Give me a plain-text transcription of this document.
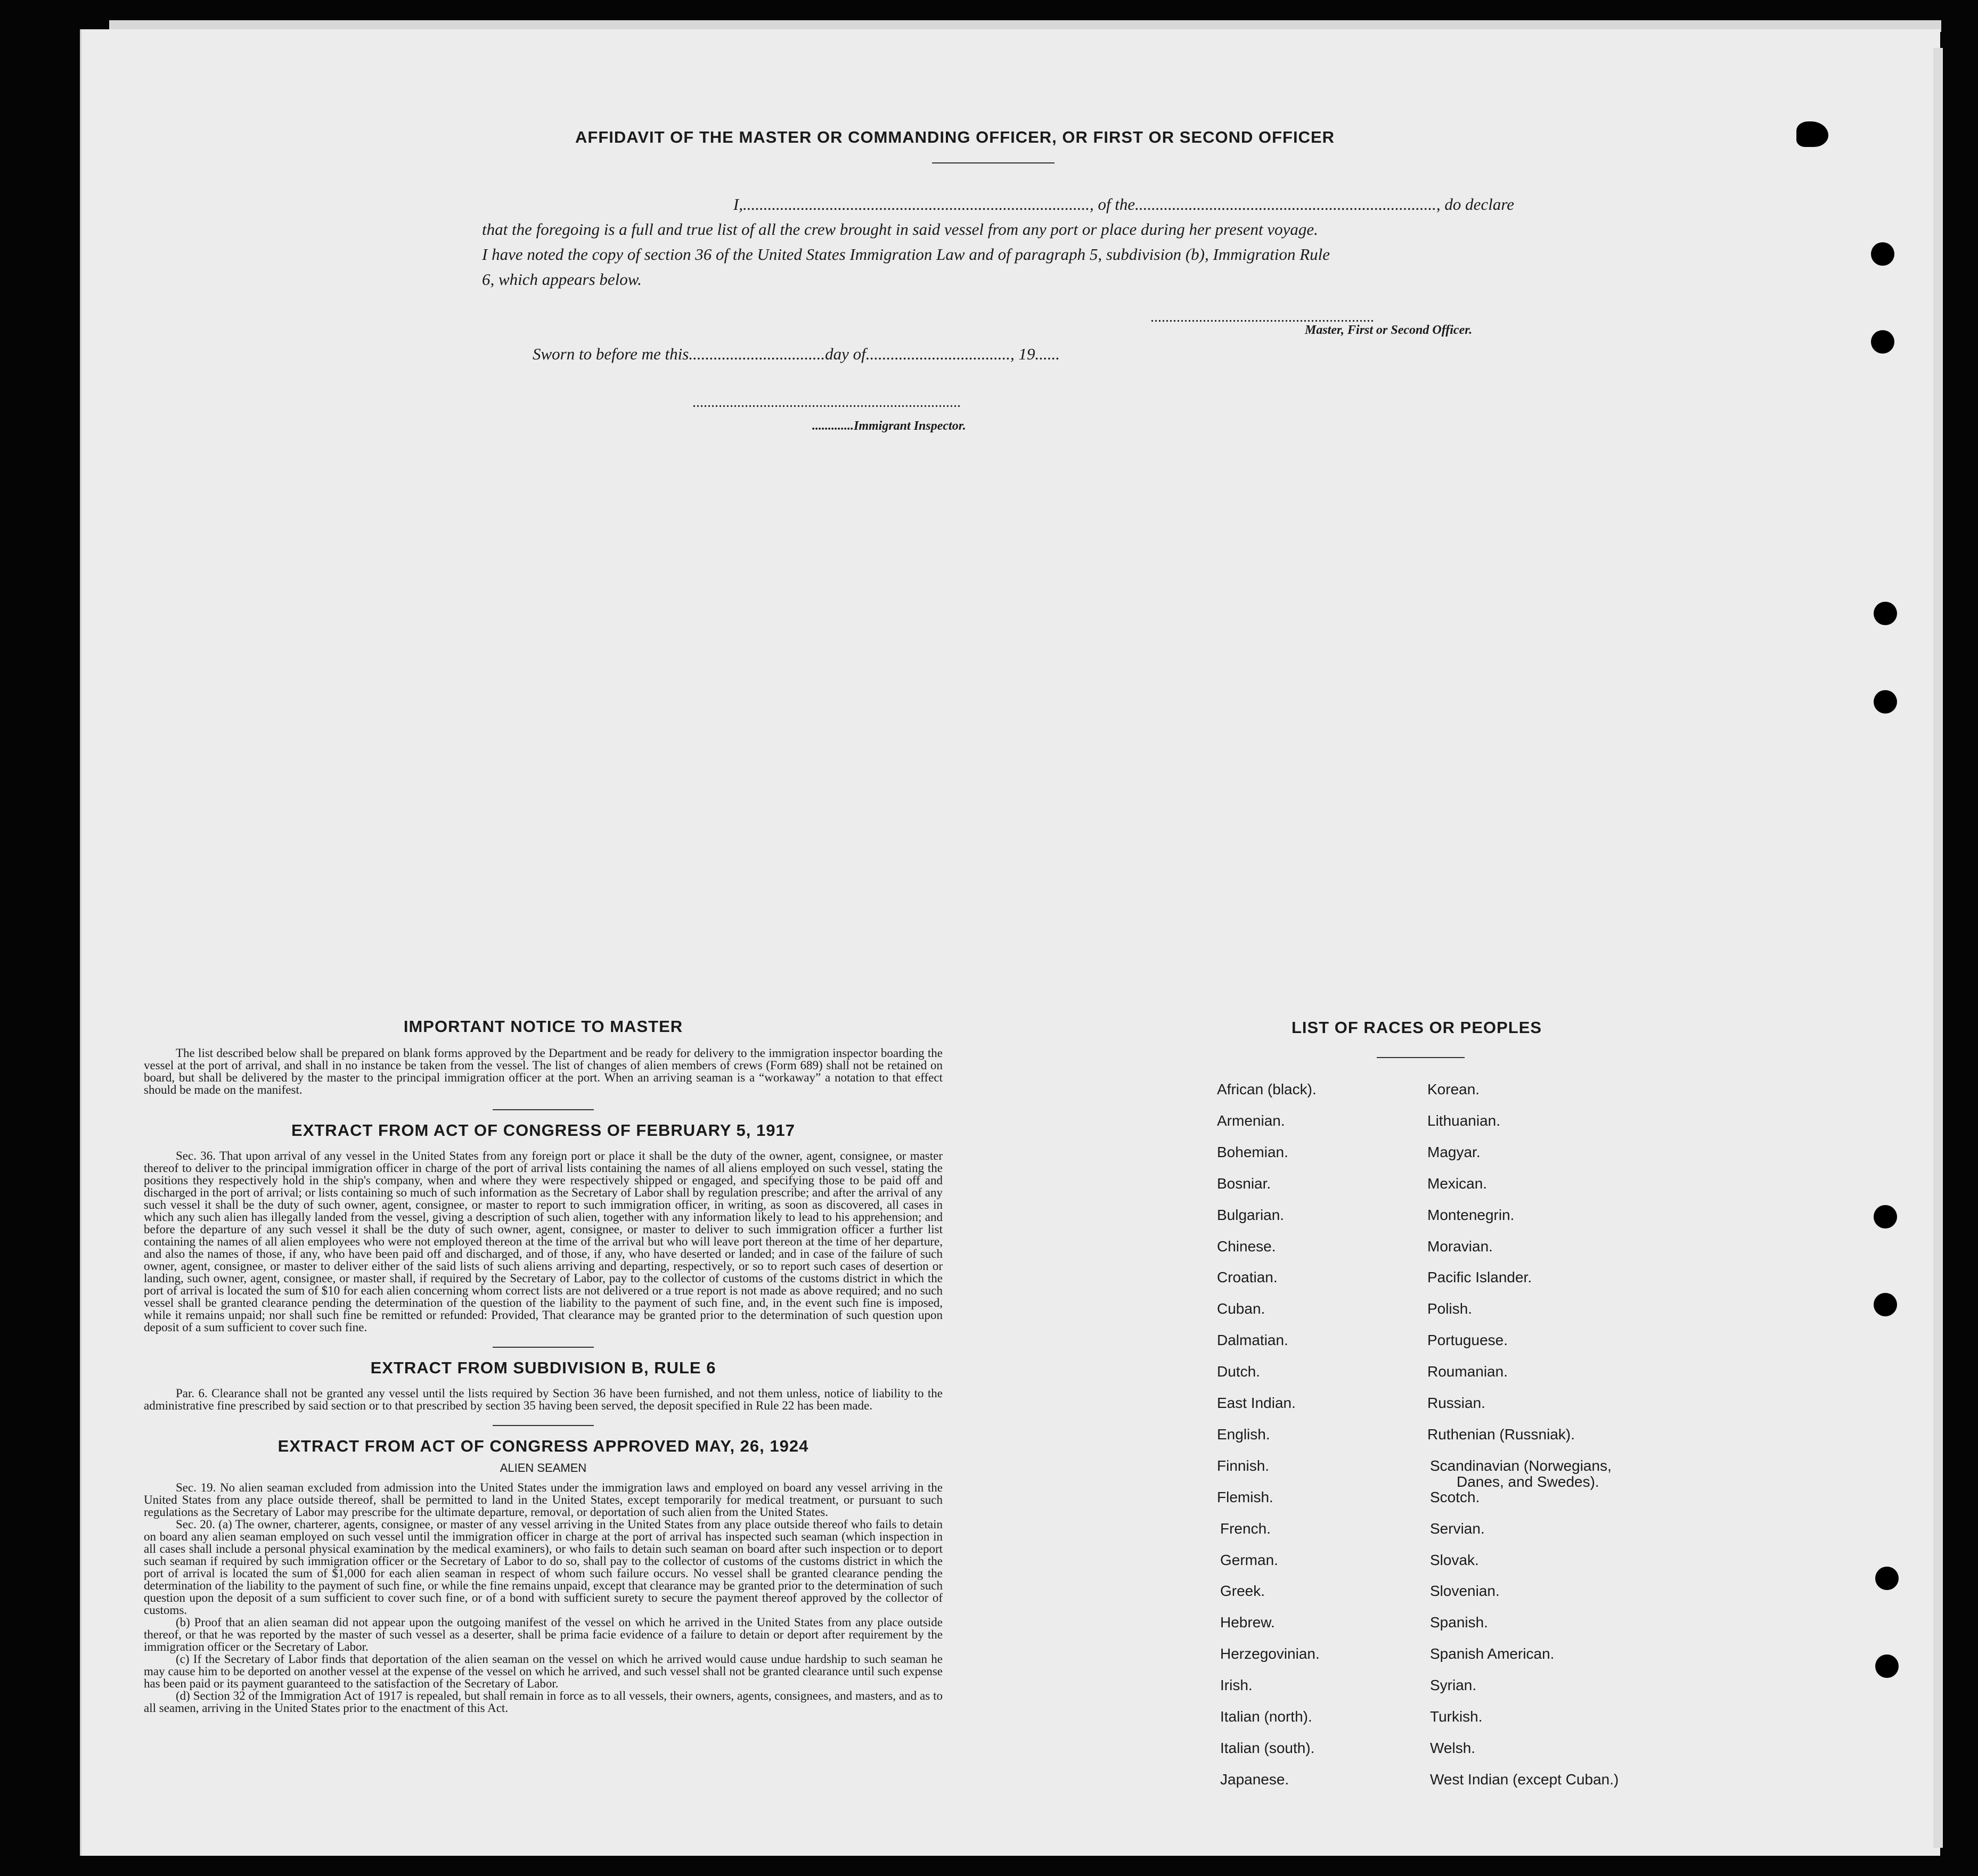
AFFIDAVIT OF THE MASTER OR COMMANDING OFFICER, OR FIRST OR SECOND OFFICER
I,...................................................................................., of the........................................................................., do declare
that the foregoing is a full and true list of all the crew brought in said vessel from any port or place during her present voyage.
I have noted the copy of section 36 of the United States Immigration Law and of paragraph 5, subdivision (b), Immigration Rule
6, which appears below.
............................................................
Master, First or Second Officer.
Sworn to before me this.................................day of..................................., 19......
........................................................................
.............Immigrant Inspector.
IMPORTANT NOTICE TO MASTER

The list described below shall be prepared on blank forms approved by the Department and be ready for delivery to the immigration inspector boarding the vessel at the port of arrival, and shall in no instance be taken from the vessel. The list of changes of alien members of crews (Form 689) shall not be retained on board, but shall be delivered by the master to the principal immigration officer at the port. When an arriving seaman is a “workaway” a notation to that effect should be made on the manifest.

EXTRACT FROM ACT OF CONGRESS OF FEBRUARY 5, 1917

Sec. 36. That upon arrival of any vessel in the United States from any foreign port or place it shall be the duty of the owner, agent, consignee, or master thereof to deliver to the principal immigration officer in charge of the port of arrival lists containing the names of all aliens employed on such vessel, stating the positions they respectively hold in the ship's company, when and where they were respectively shipped or engaged, and specifying those to be paid off and discharged in the port of arrival; or lists containing so much of such information as the Secretary of Labor shall by regulation prescribe; and after the arrival of any such vessel it shall be the duty of such owner, agent, consignee, or master to report to such immigration officer, in writing, as soon as discovered, all cases in which any such alien has illegally landed from the vessel, giving a description of such alien, together with any information likely to lead to his apprehension; and before the departure of any such vessel it shall be the duty of such owner, agent, consignee, or master to deliver to such immigration officer a further list containing the names of all alien employees who were not employed thereon at the time of the arrival but who will leave port thereon at the time of her departure, and also the names of those, if any, who have been paid off and discharged, and of those, if any, who have deserted or landed; and in case of the failure of such owner, agent, consignee, or master to deliver either of the said lists of such aliens arriving and departing, respectively, or so to report such cases of desertion or landing, such owner, agent, consignee, or master shall, if required by the Secretary of Labor, pay to the collector of customs of the customs district in which the port of arrival is located the sum of $10 for each alien concerning whom correct lists are not delivered or a true report is not made as above required; and no such vessel shall be granted clearance pending the determination of the question of the liability to the payment of such fine, and, in the event such fine is imposed, while it remains unpaid; nor shall such fine be remitted or refunded: Provided, That clearance may be granted prior to the determination of such question upon deposit of a sum sufficient to cover such fine.

EXTRACT FROM SUBDIVISION B, RULE 6

Par. 6. Clearance shall not be granted any vessel until the lists required by Section 36 have been furnished, and not them unless, notice of liability to the administrative fine prescribed by said section or to that prescribed by section 35 having been served, the deposit specified in Rule 22 has been made.

EXTRACT FROM ACT OF CONGRESS APPROVED MAY, 26, 1924
ALIEN SEAMEN

Sec. 19. No alien seaman excluded from admission into the United States under the immigration laws and employed on board any vessel arriving in the United States from any place outside thereof, shall be permitted to land in the United States, except temporarily for medical treatment, or pursuant to such regulations as the Secretary of Labor may prescribe for the ultimate departure, removal, or deportation of such alien from the United States.

Sec. 20. (a) The owner, charterer, agents, consignee, or master of any vessel arriving in the United States from any place outside thereof who fails to detain on board any alien seaman employed on such vessel until the immigration officer in charge at the port of arrival has inspected such seaman (which inspection in all cases shall include a personal physical examination by the medical examiners), or who fails to detain such seaman on board after such inspection or to deport such seaman if required by such immigration officer or the Secretary of Labor to do so, shall pay to the collector of customs of the customs district in which the port of arrival is located the sum of $1,000 for each alien seaman in respect of whom such failure occurs. No vessel shall be granted clearance pending the determination of the liability to the payment of such fine, or while the fine remains unpaid, except that clearance may be granted prior to the determination of such question upon the deposit of a sum sufficient to cover such fine, or of a bond with sufficient surety to secure the payment thereof approved by the collector of customs.

(b) Proof that an alien seaman did not appear upon the outgoing manifest of the vessel on which he arrived in the United States from any place outside thereof, or that he was reported by the master of such vessel as a deserter, shall be prima facie evidence of a failure to detain or deport after requirement by the immigration officer or the Secretary of Labor.

(c) If the Secretary of Labor finds that deportation of the alien seaman on the vessel on which he arrived would cause undue hardship to such seaman he may cause him to be deported on another vessel at the expense of the vessel on which he arrived, and such vessel shall not be granted clearance until such expense has been paid or its payment guaranteed to the satisfaction of the Secretary of Labor.

(d) Section 32 of the Immigration Act of 1917 is repealed, but shall remain in force as to all vessels, their owners, agents, consignees, and masters, and as to all seamen, arriving in the United States prior to the enactment of this Act.

LIST OF RACES OR PEOPLES
African (black).
Armenian.
Bohemian.
Bosniar.
Bulgarian.
Chinese.
Croatian.
Cuban.
Dalmatian.
Dutch.
East Indian.
English.
Finnish.
Flemish.
French.
German.
Greek.
Hebrew.
Herzegovinian.
Irish.
Italian (north).
Italian (south).
Japanese.
Korean.
Lithuanian.
Magyar.
Mexican.
Montenegrin.
Moravian.
Pacific Islander.
Polish.
Portuguese.
Roumanian.
Russian.
Ruthenian (Russniak).
Scandinavian (Norwegians,
Scotch.
Servian.
Slovak.
Slovenian.
Spanish.
Spanish American.
Syrian.
Turkish.
Welsh.
West Indian (except Cuban.)
Danes, and Swedes).
